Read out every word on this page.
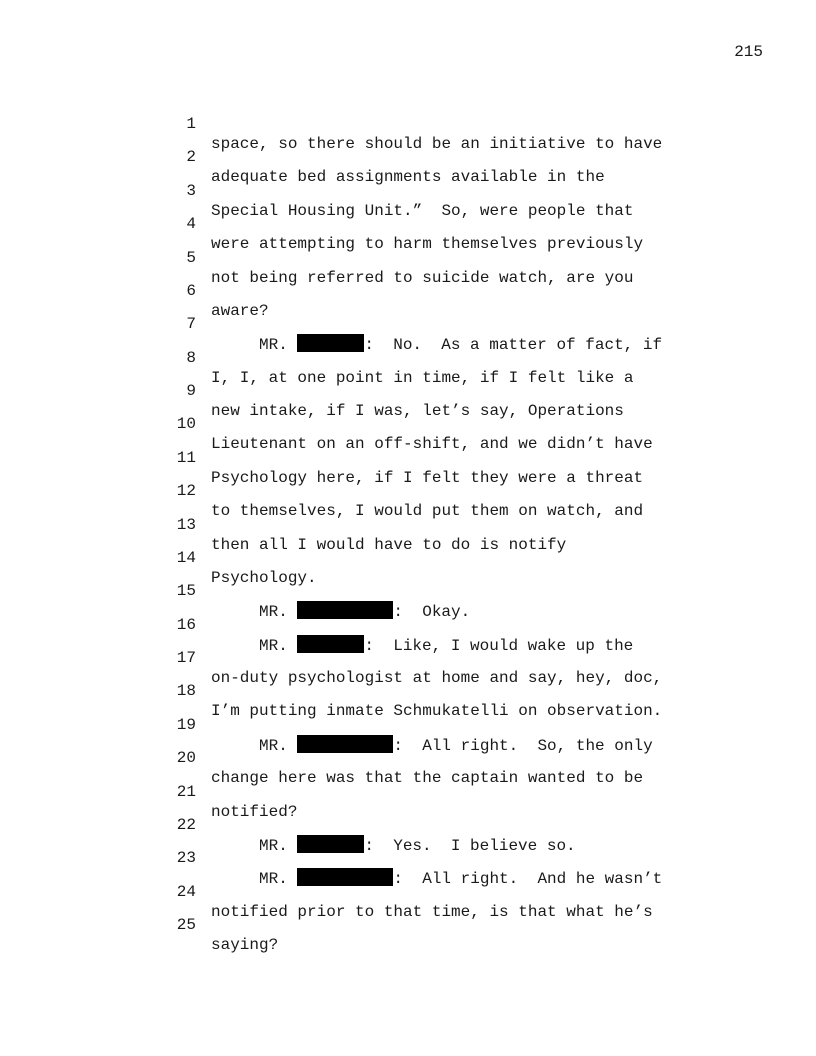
215

1

space, so there should be an initiative to have

2

adequate bed assignments available in the

3

Special Housing Unit.”  So, were people that

4

were attempting to harm themselves previously

5

not being referred to suicide watch, are you

6

aware?

7

MR.	:  No.  As a matter of fact, if

8

I, I, at one point in time, if I felt like a

9

new intake, if I was, let’s say, Operations

10

Lieutenant on an off-shift, and we didn’t have

11

Psychology here, if I felt they were a threat

12

to themselves, I would put them on watch, and

13

then all I would have to do is notify

14

Psychology.

15

MR.	:  Okay.

16

MR.	:  Like, I would wake up the

17

on-duty psychologist at home and say, hey, doc,

18

I’m putting inmate Schmukatelli on observation.

19

MR.	:  All right.  So, the only

20

change here was that the captain wanted to be

21

notified?

22

MR.	:  Yes.  I believe so.

23

MR.	:  All right.  And he wasn’t

24

notified prior to that time, is that what he’s

25

saying?
